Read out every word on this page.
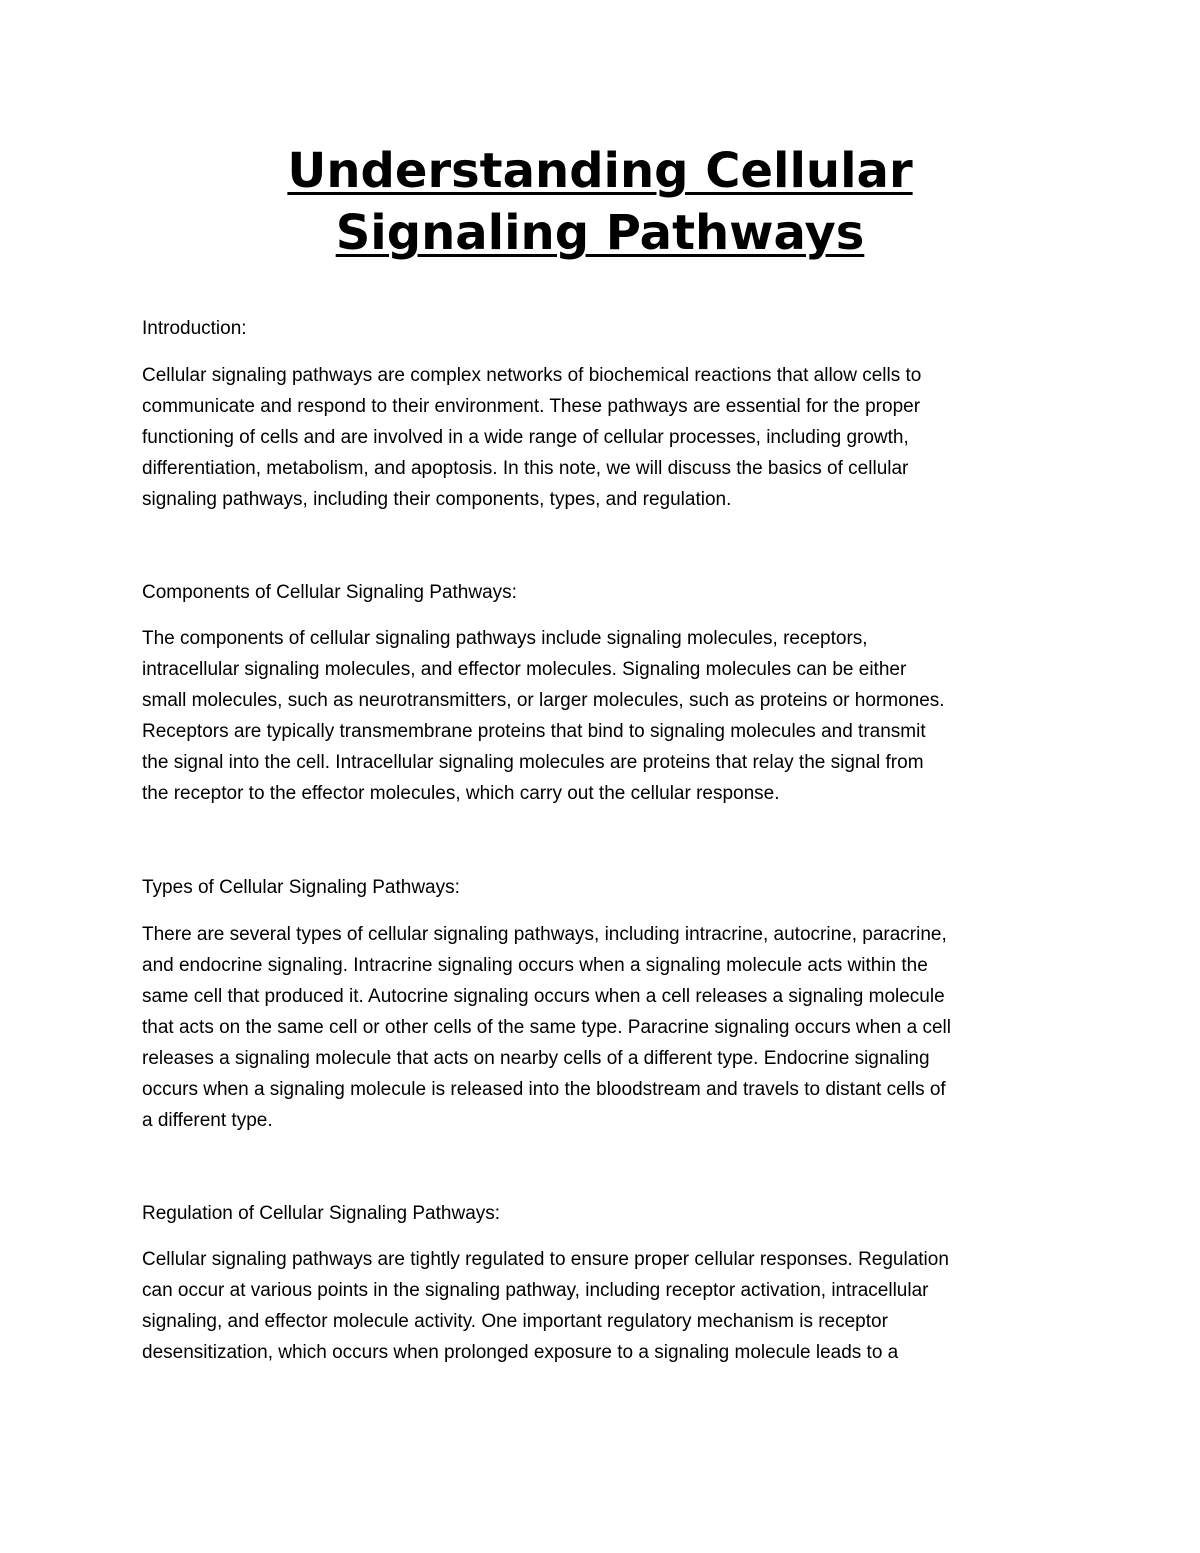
Understanding Cellular
Signaling Pathways

Introduction:

Cellular signaling pathways are complex networks of biochemical reactions that allow cells to
communicate and respond to their environment. These pathways are essential for the proper
functioning of cells and are involved in a wide range of cellular processes, including growth,
differentiation, metabolism, and apoptosis. In this note, we will discuss the basics of cellular
signaling pathways, including their components, types, and regulation.

Components of Cellular Signaling Pathways:

The components of cellular signaling pathways include signaling molecules, receptors,
intracellular signaling molecules, and effector molecules. Signaling molecules can be either
small molecules, such as neurotransmitters, or larger molecules, such as proteins or hormones.
Receptors are typically transmembrane proteins that bind to signaling molecules and transmit
the signal into the cell. Intracellular signaling molecules are proteins that relay the signal from
the receptor to the effector molecules, which carry out the cellular response.

Types of Cellular Signaling Pathways:

There are several types of cellular signaling pathways, including intracrine, autocrine, paracrine,
and endocrine signaling. Intracrine signaling occurs when a signaling molecule acts within the
same cell that produced it. Autocrine signaling occurs when a cell releases a signaling molecule
that acts on the same cell or other cells of the same type. Paracrine signaling occurs when a cell
releases a signaling molecule that acts on nearby cells of a different type. Endocrine signaling
occurs when a signaling molecule is released into the bloodstream and travels to distant cells of
a different type.

Regulation of Cellular Signaling Pathways:

Cellular signaling pathways are tightly regulated to ensure proper cellular responses. Regulation
can occur at various points in the signaling pathway, including receptor activation, intracellular
signaling, and effector molecule activity. One important regulatory mechanism is receptor
desensitization, which occurs when prolonged exposure to a signaling molecule leads to a
